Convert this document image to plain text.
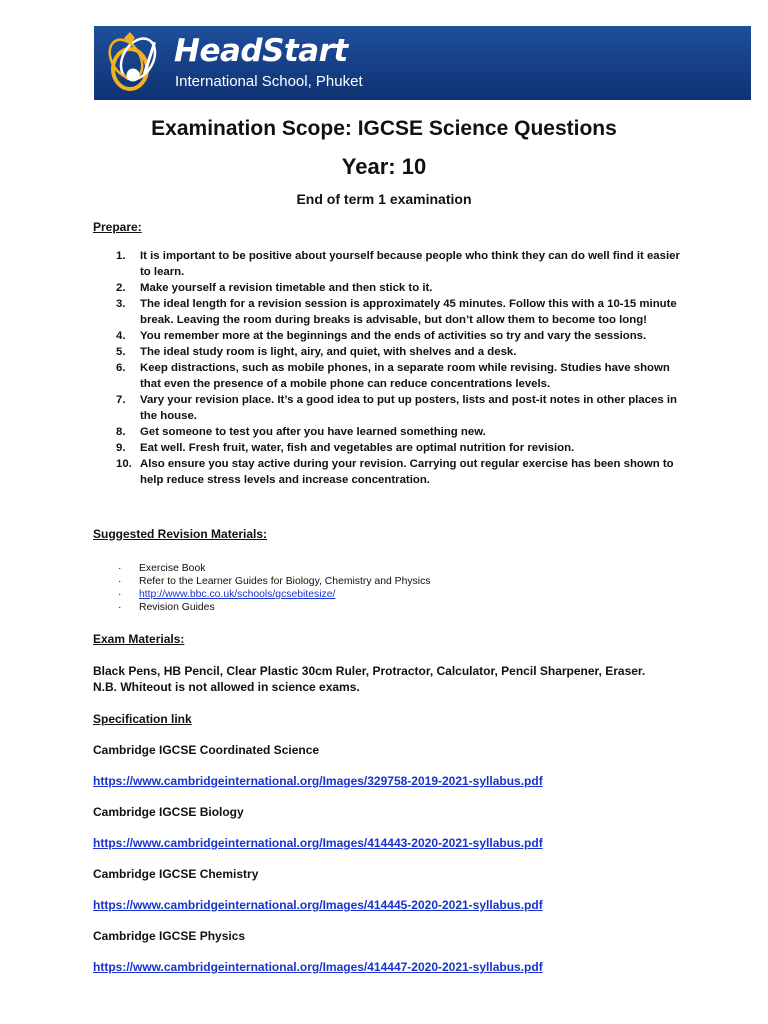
HeadStart
International School, Phuket
Examination Scope: IGCSE Science Questions
Year: 10
End of term 1 examination
Prepare:
1. It is important to be positive about yourself because people who think they can do well find it easier to learn.
2. Make yourself a revision timetable and then stick to it.
3. The ideal length for a revision session is approximately 45 minutes. Follow this with a 10-15 minute break. Leaving the room during breaks is advisable, but don’t allow them to become too long!
4. You remember more at the beginnings and the ends of activities so try and vary the sessions.
5. The ideal study room is light, airy, and quiet, with shelves and a desk.
6. Keep distractions, such as mobile phones, in a separate room while revising. Studies have shown that even the presence of a mobile phone can reduce concentrations levels.
7. Vary your revision place. It’s a good idea to put up posters, lists and post-it notes in other places in the house.
8. Get someone to test you after you have learned something new.
9. Eat well. Fresh fruit, water, fish and vegetables are optimal nutrition for revision.
10. Also ensure you stay active during your revision. Carrying out regular exercise has been shown to help reduce stress levels and increase concentration.
Suggested Revision Materials:
· Exercise Book
· Refer to the Learner Guides for Biology, Chemistry and Physics
· http://www.bbc.co.uk/schools/gcsebitesize/
· Revision Guides
Exam Materials:
Black Pens, HB Pencil, Clear Plastic 30cm Ruler, Protractor, Calculator, Pencil Sharpener, Eraser.
N.B. Whiteout is not allowed in science exams.
Specification link
Cambridge IGCSE Coordinated Science
https://www.cambridgeinternational.org/Images/329758-2019-2021-syllabus.pdf
Cambridge IGCSE Biology
https://www.cambridgeinternational.org/Images/414443-2020-2021-syllabus.pdf
Cambridge IGCSE Chemistry
https://www.cambridgeinternational.org/Images/414445-2020-2021-syllabus.pdf
Cambridge IGCSE Physics
https://www.cambridgeinternational.org/Images/414447-2020-2021-syllabus.pdf
